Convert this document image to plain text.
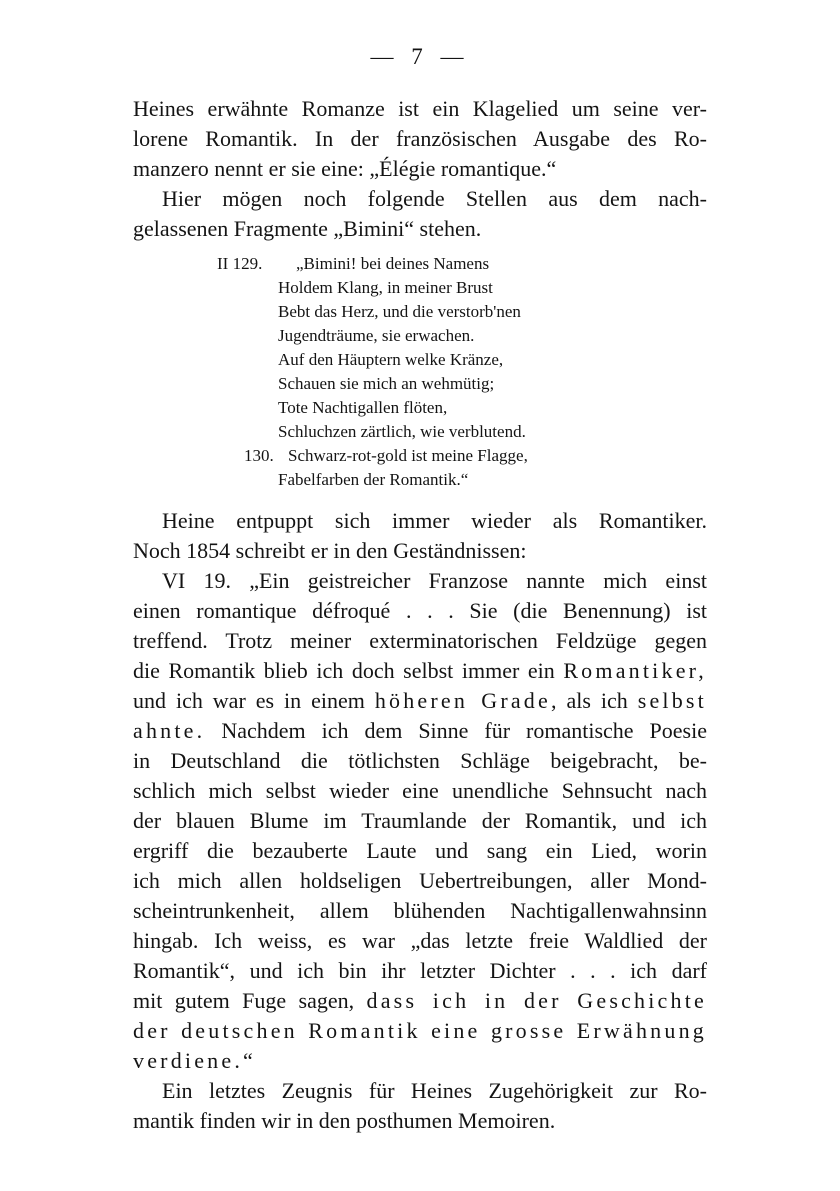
— 7 —
Heines erwähnte Romanze ist ein Klagelied um seine ver-
lorene Romantik. In der französischen Ausgabe des Ro-
manzero nennt er sie eine: „Élégie romantique.“
Hier mögen noch folgende Stellen aus dem nach-
gelassenen Fragmente „Bimini“ stehen.
II 129. „Bimini! bei deines Namens
Holdem Klang, in meiner Brust
Bebt das Herz, und die verstorb'nen
Jugendträume, sie erwachen.
Auf den Häuptern welke Kränze,
Schauen sie mich an wehmütig;
Tote Nachtigallen flöten,
Schluchzen zärtlich, wie verblutend.
130. Schwarz-rot-gold ist meine Flagge,
Fabelfarben der Romantik.“
Heine entpuppt sich immer wieder als Romantiker.
Noch 1854 schreibt er in den Geständnissen:
VI 19. „Ein geistreicher Franzose nannte mich einst
einen romantique défroqué . . . Sie (die Benennung) ist
treffend. Trotz meiner exterminatorischen Feldzüge gegen
die Romantik blieb ich doch selbst immer ein Romantiker,
und ich war es in einem höheren Grade, als ich selbst
ahnte. Nachdem ich dem Sinne für romantische Poesie
in Deutschland die tötlichsten Schläge beigebracht, be-
schlich mich selbst wieder eine unendliche Sehnsucht nach
der blauen Blume im Traumlande der Romantik, und ich
ergriff die bezauberte Laute und sang ein Lied, worin
ich mich allen holdseligen Uebertreibungen, aller Mond-
scheintrunkenheit, allem blühenden Nachtigallenwahnsinn
hingab. Ich weiss, es war „das letzte freie Waldlied der
Romantik“, und ich bin ihr letzter Dichter . . . ich darf
mit gutem Fuge sagen, dass ich in der Geschichte
der deutschen Romantik eine grosse Erwähnung
verdiene.“
Ein letztes Zeugnis für Heines Zugehörigkeit zur Ro-
mantik finden wir in den posthumen Memoiren.
